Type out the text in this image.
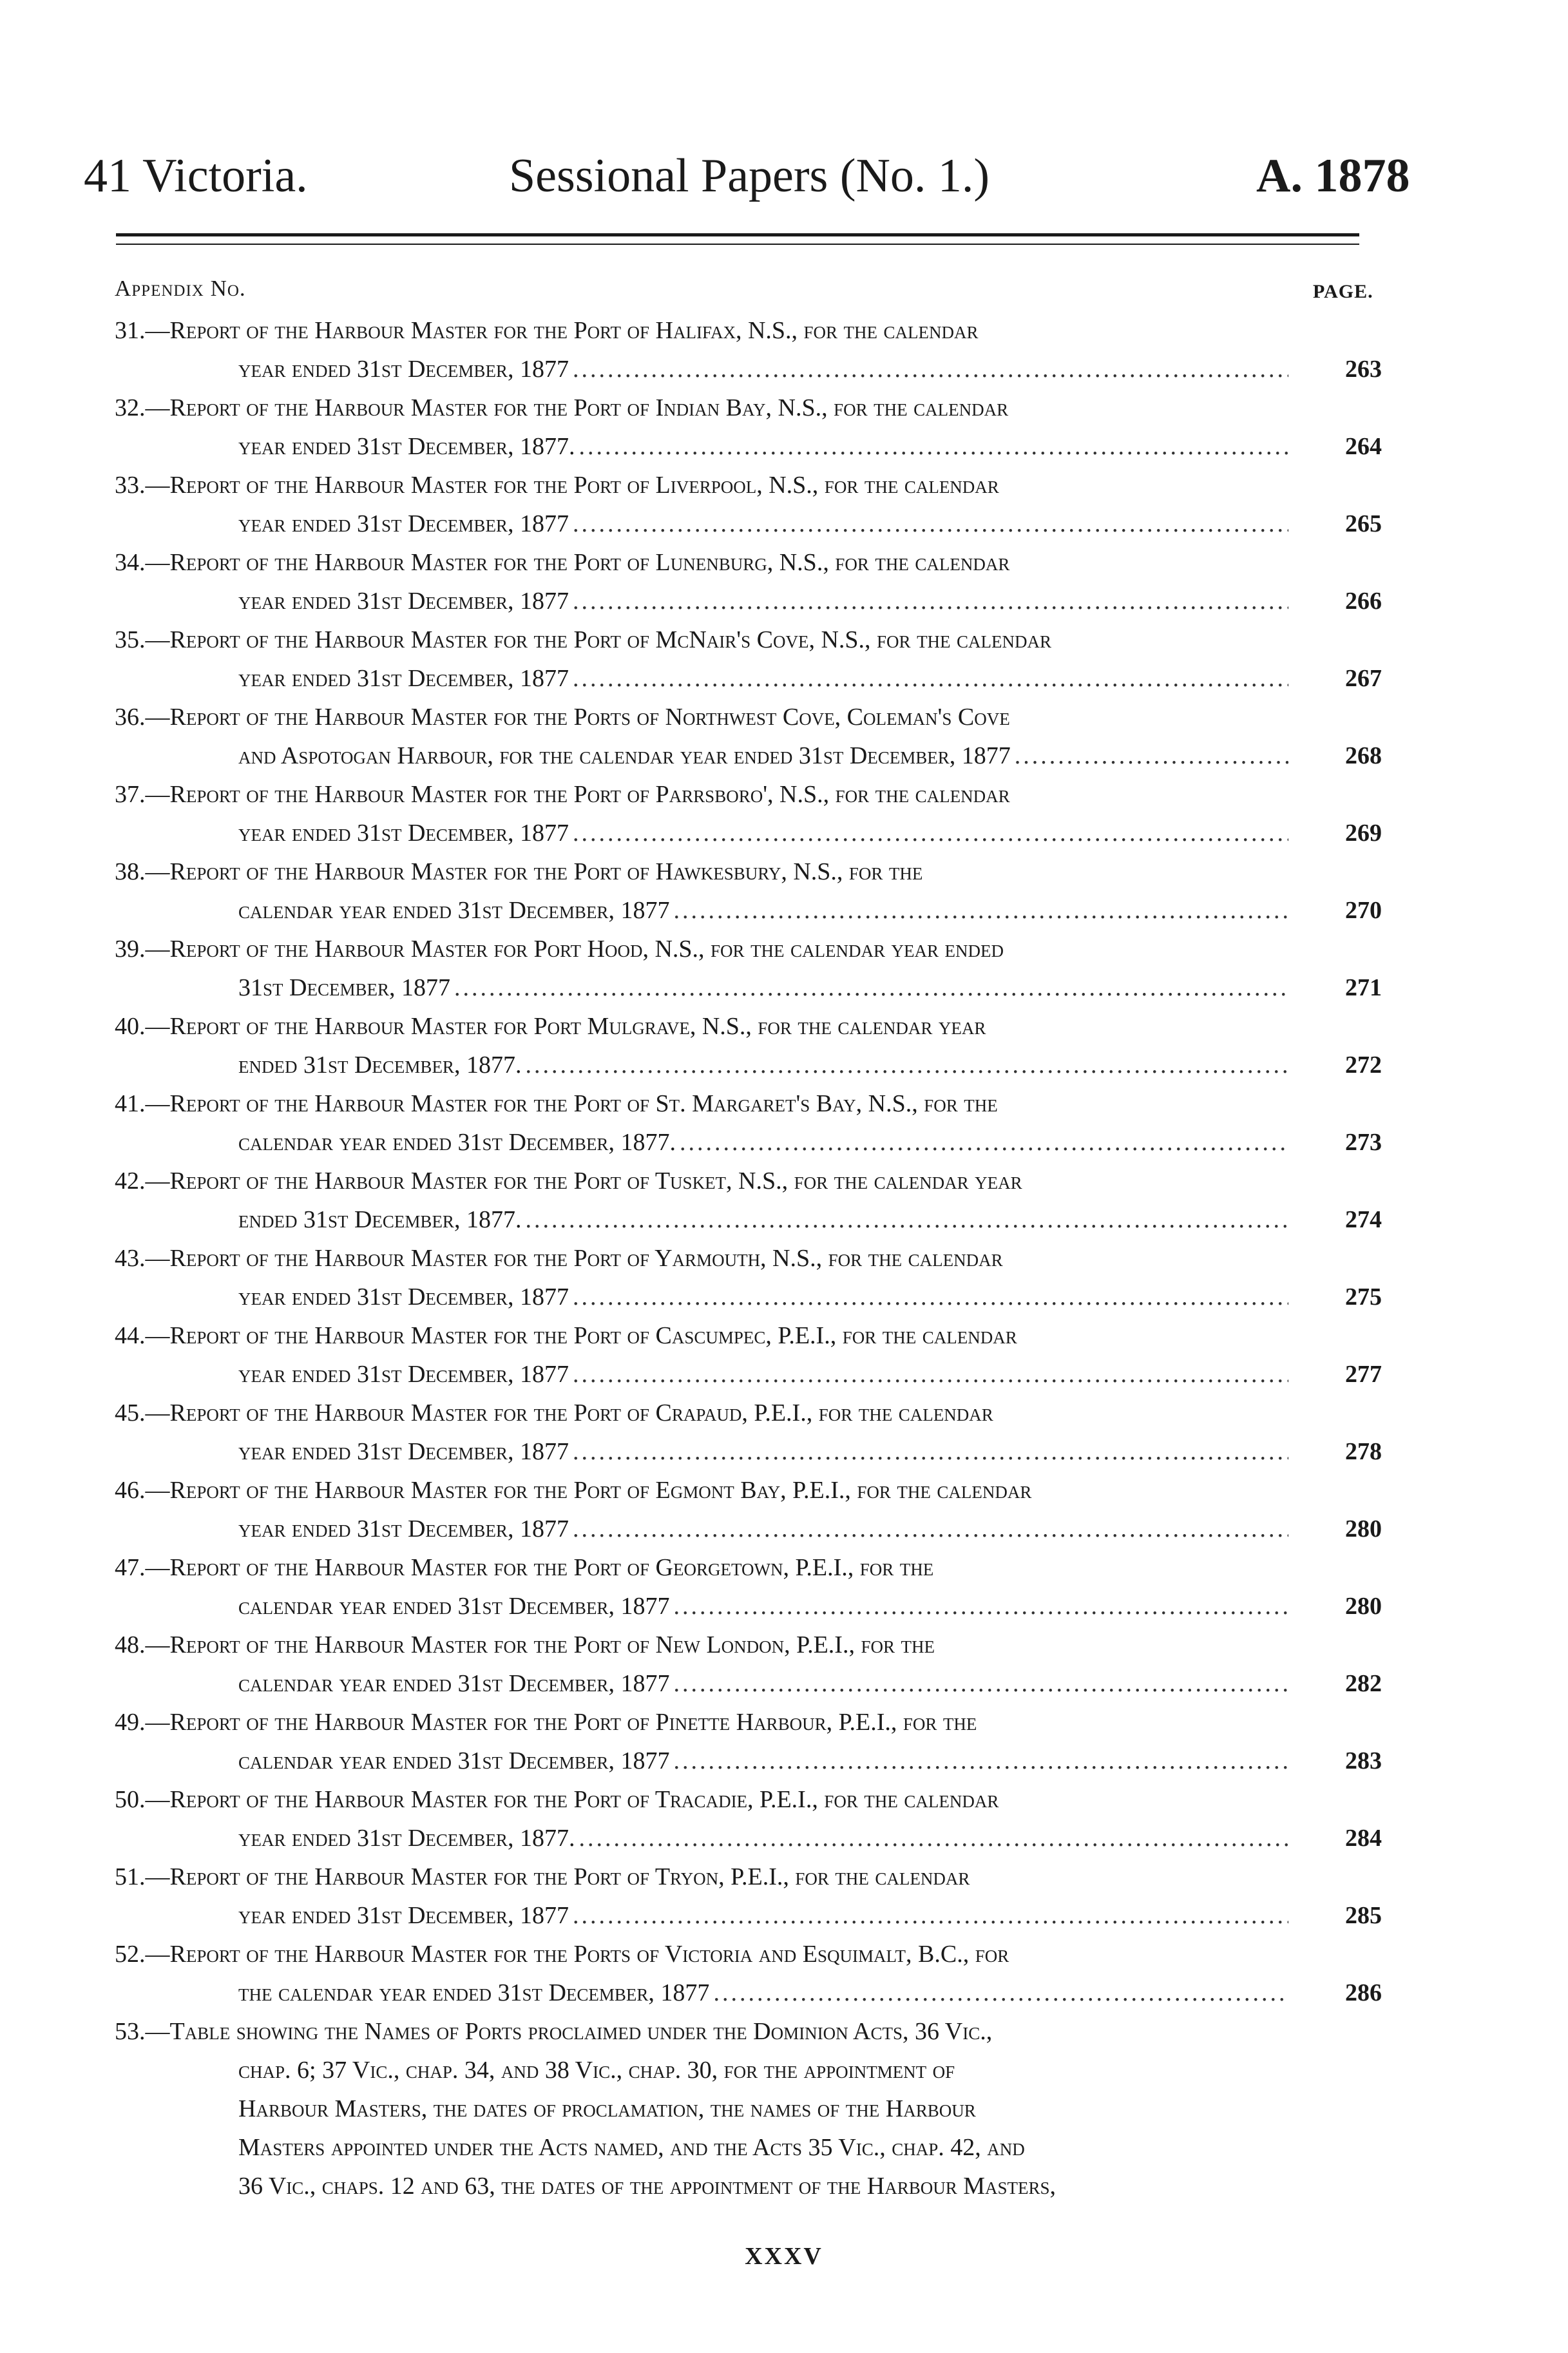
41 Victoria.	Sessional Papers (No. 1.)	A. 1878
Appendix No.	PAGE.
31.—Report of the Harbour Master for the Port of Halifax, N.S., for the calendar
year ended 31st December, 1877 .....	263
32.—Report of the Harbour Master for the Port of Indian Bay, N.S., for the calendar
year ended 31st December, 1877. .....	264
33.—Report of the Harbour Master for the Port of Liverpool, N.S., for the calendar
year ended 31st December, 1877 .....	265
34.—Report of the Harbour Master for the Port of Lunenburg, N.S., for the calendar
year ended 31st December, 1877 .....	266
35.—Report of the Harbour Master for the Port of McNair's Cove, N.S., for the calendar
year ended 31st December, 1877 .....	267
36.—Report of the Harbour Master for the Ports of Northwest Cove, Coleman's Cove
and Aspotogan Harbour, for the calendar year ended 31st December, 1877 .....	268
37.—Report of the Harbour Master for the Port of Parrsboro', N.S., for the calendar
year ended 31st December, 1877 .....	269
38.—Report of the Harbour Master for the Port of Hawkesbury, N.S., for the
calendar year ended 31st December, 1877 .....	270
39.—Report of the Harbour Master for Port Hood, N.S., for the calendar year ended
31st December, 1877 .....	271
40.—Report of the Harbour Master for Port Mulgrave, N.S., for the calendar year
ended 31st December, 1877. .....	272
41.—Report of the Harbour Master for the Port of St. Margaret's Bay, N.S., for the
calendar year ended 31st December, 1877. .....	273
42.—Report of the Harbour Master for the Port of Tusket, N.S., for the calendar year
ended 31st December, 1877. .....	274
43.—Report of the Harbour Master for the Port of Yarmouth, N.S., for the calendar
year ended 31st December, 1877 .....	275
44.—Report of the Harbour Master for the Port of Cascumpec, P.E.I., for the calendar
year ended 31st December, 1877 .....	277
45.—Report of the Harbour Master for the Port of Crapaud, P.E.I., for the calendar
year ended 31st December, 1877 .....	278
46.—Report of the Harbour Master for the Port of Egmont Bay, P.E.I., for the calendar
year ended 31st December, 1877 .....	280
47.—Report of the Harbour Master for the Port of Georgetown, P.E.I., for the
calendar year ended 31st December, 1877 .....	280
48.—Report of the Harbour Master for the Port of New London, P.E.I., for the
calendar year ended 31st December, 1877 .....	282
49.—Report of the Harbour Master for the Port of Pinette Harbour, P.E.I., for the
calendar year ended 31st December, 1877 .....	283
50.—Report of the Harbour Master for the Port of Tracadie, P.E.I., for the calendar
year ended 31st December, 1877. .....	284
51.—Report of the Harbour Master for the Port of Tryon, P.E.I., for the calendar
year ended 31st December, 1877 .....	285
52.—Report of the Harbour Master for the Ports of Victoria and Esquimalt, B.C., for
the calendar year ended 31st December, 1877 .....	286
53.—Table showing the Names of Ports proclaimed under the Dominion Acts, 36 Vic.,
chap. 6; 37 Vic., chap. 34, and 38 Vic., chap. 30, for the appointment of
Harbour Masters, the dates of proclamation, the names of the Harbour
Masters appointed under the Acts named, and the Acts 35 Vic., chap. 42, and
36 Vic., chaps. 12 and 63, the dates of the appointment of the Harbour Masters,
XXXV
